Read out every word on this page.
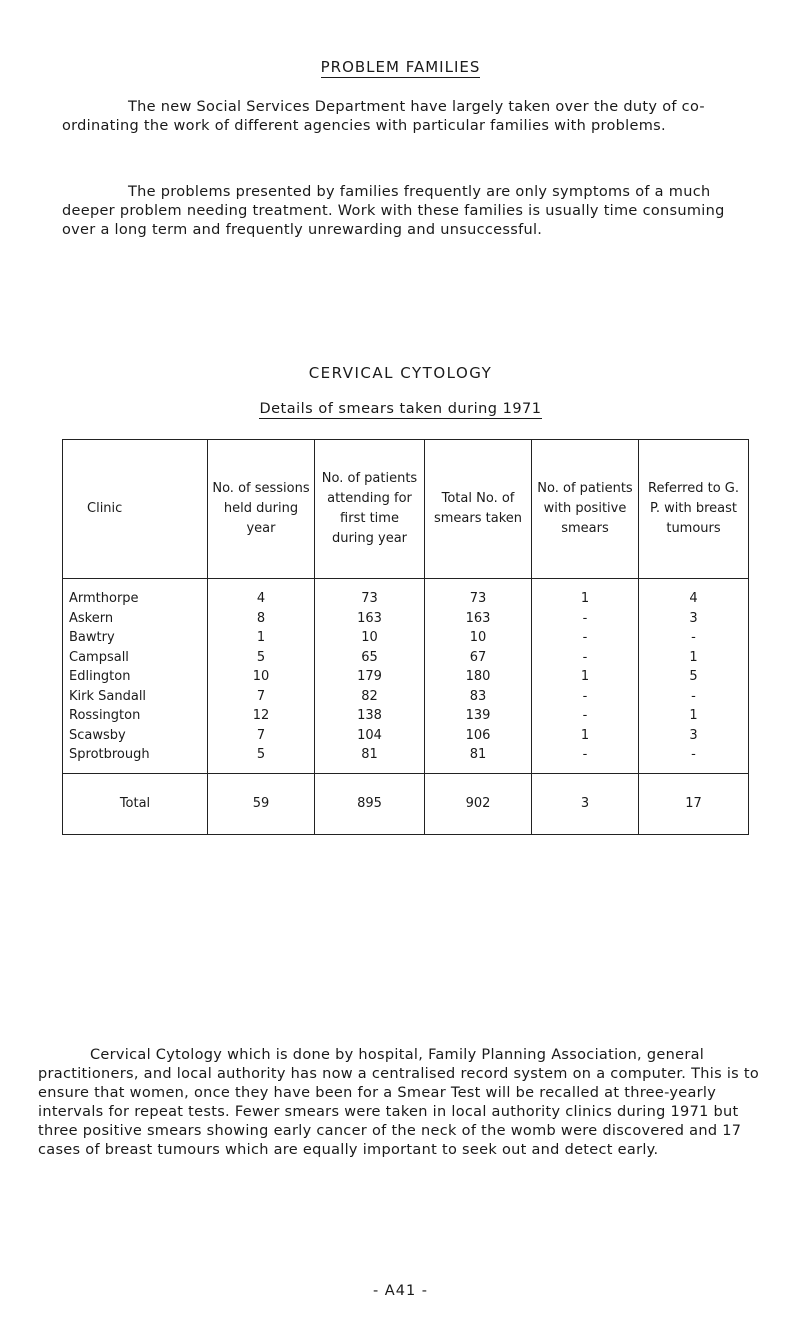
PROBLEM FAMILIES

The new Social Services Department have largely taken over the duty of co-ordinating the work of different agencies with particular families with problems.

The problems presented by families frequently are only symptoms of a much deeper problem needing treatment. Work with these families is usually time consuming over a long term and frequently unrewarding and unsuccessful.

CERVICAL CYTOLOGY
Details of smears taken during 1971
Clinic	No. of sessions held during year	No. of patients attending for first time during year	Total No. of smears taken	No. of patients with positive smears	Referred to G. P. with breast tumours
Armthorpe	4	73	73	1	4
Askern	8	163	163	-	3
Bawtry	1	10	10	-	-
Campsall	5	65	67	-	1
Edlington	10	179	180	1	5
Kirk Sandall	7	82	83	-	-
Rossington	12	138	139	-	1
Scawsby	7	104	106	1	3
Sprotbrough	5	81	81	-	-
Total	59	895	902	3	17

Cervical Cytology which is done by hospital, Family Planning Association, general practitioners, and local authority has now a centralised record system on a computer. This is to ensure that women, once they have been for a Smear Test will be recalled at three-yearly intervals for repeat tests. Fewer smears were taken in local authority clinics during 1971 but three positive smears showing early cancer of the neck of the womb were discovered and 17 cases of breast tumours which are equally important to seek out and detect early.

- A41 -
